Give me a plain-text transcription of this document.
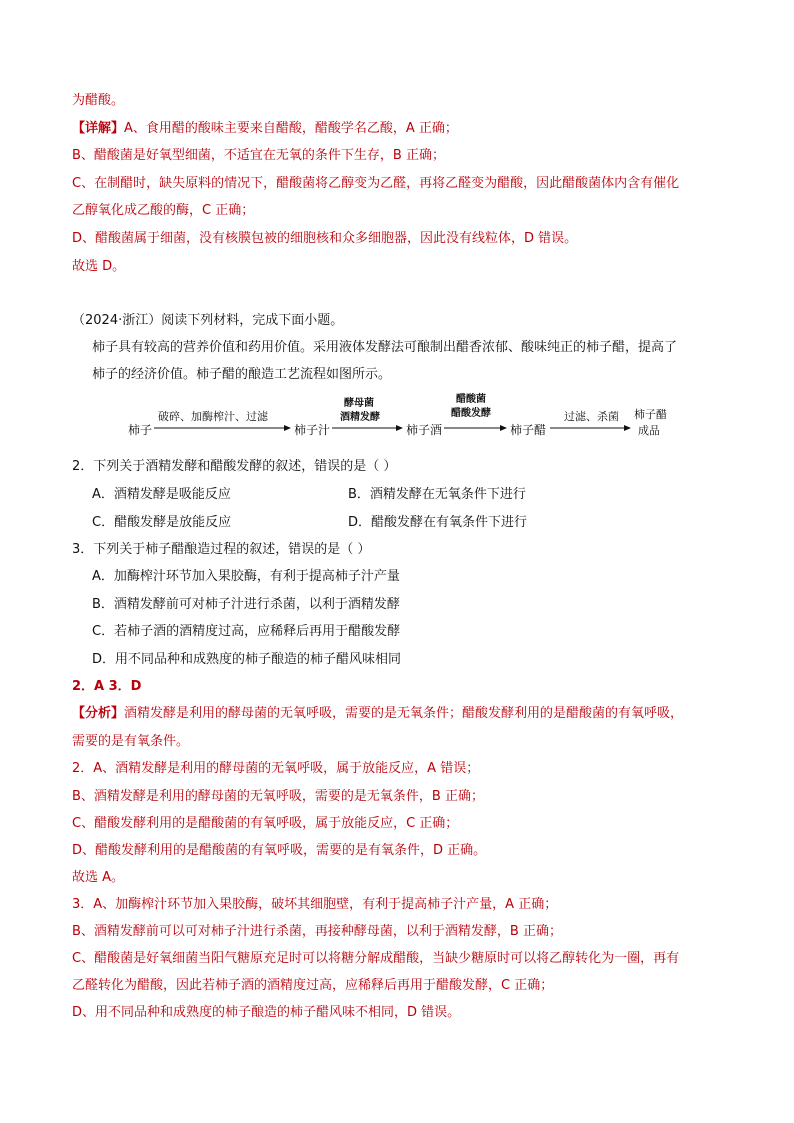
为醋酸。
【详解】A、食用醋的酸味主要来自醋酸，醋酸学名乙酸，A 正确；
B、醋酸菌是好氧型细菌，不适宜在无氧的条件下生存，B 正确；
C、在制醋时，缺失原料的情况下，醋酸菌将乙醇变为乙醛，再将乙醛变为醋酸，因此醋酸菌体内含有催化
乙醇氧化成乙酸的酶，C 正确；
D、醋酸菌属于细菌，没有核膜包被的细胞核和众多细胞器，因此没有线粒体，D 错误。
故选 D。
（2024·浙江）阅读下列材料，完成下面小题。
柿子具有较高的营养价值和药用价值。采用液体发酵法可酿制出醋香浓郁、酸味纯正的柿子醋，提高了
柿子的经济价值。柿子醋的酿造工艺流程如图所示。
柿子
破碎、加酶榨汁、过滤
柿子汁
酵母菌
酒精发酵
柿子酒
醋酸菌
醋酸发酵
柿子醋
过滤、杀菌 柿子醋
成品
2．下列关于酒精发酵和醋酸发酵的叙述，错误的是（ ）
A．酒精发酵是吸能反应	B．酒精发酵在无氧条件下进行
C．醋酸发酵是放能反应	D．醋酸发酵在有氧条件下进行
3．下列关于柿子醋酿造过程的叙述，错误的是（ ）
A．加酶榨汁环节加入果胶酶，有利于提高柿子汁产量
B．酒精发酵前可对柿子汁进行杀菌，以利于酒精发酵
C．若柿子酒的酒精度过高，应稀释后再用于醋酸发酵
D．用不同品种和成熟度的柿子酿造的柿子醋风味相同
2．A 3．D
【分析】酒精发酵是利用的酵母菌的无氧呼吸，需要的是无氧条件；醋酸发酵利用的是醋酸菌的有氧呼吸，
需要的是有氧条件。
2．A、酒精发酵是利用的酵母菌的无氧呼吸，属于放能反应，A 错误；
B、酒精发酵是利用的酵母菌的无氧呼吸，需要的是无氧条件，B 正确；
C、醋酸发酵利用的是醋酸菌的有氧呼吸，属于放能反应，C 正确；
D、醋酸发酵利用的是醋酸菌的有氧呼吸，需要的是有氧条件，D 正确。
故选 A。
3．A、加酶榨汁环节加入果胶酶，破坏其细胞壁，有利于提高柿子汁产量，A 正确；
B、酒精发酵前可以可对柿子汁进行杀菌，再接种酵母菌，以利于酒精发酵，B 正确；
C、醋酸菌是好氧细菌当阳气糖原充足时可以将糖分解成醋酸，当缺少糖原时可以将乙醇转化为一圈，再有
乙醛转化为醋酸，因此若柿子酒的酒精度过高，应稀释后再用于醋酸发酵，C 正确；
D、用不同品种和成熟度的柿子酿造的柿子醋风味不相同，D 错误。
